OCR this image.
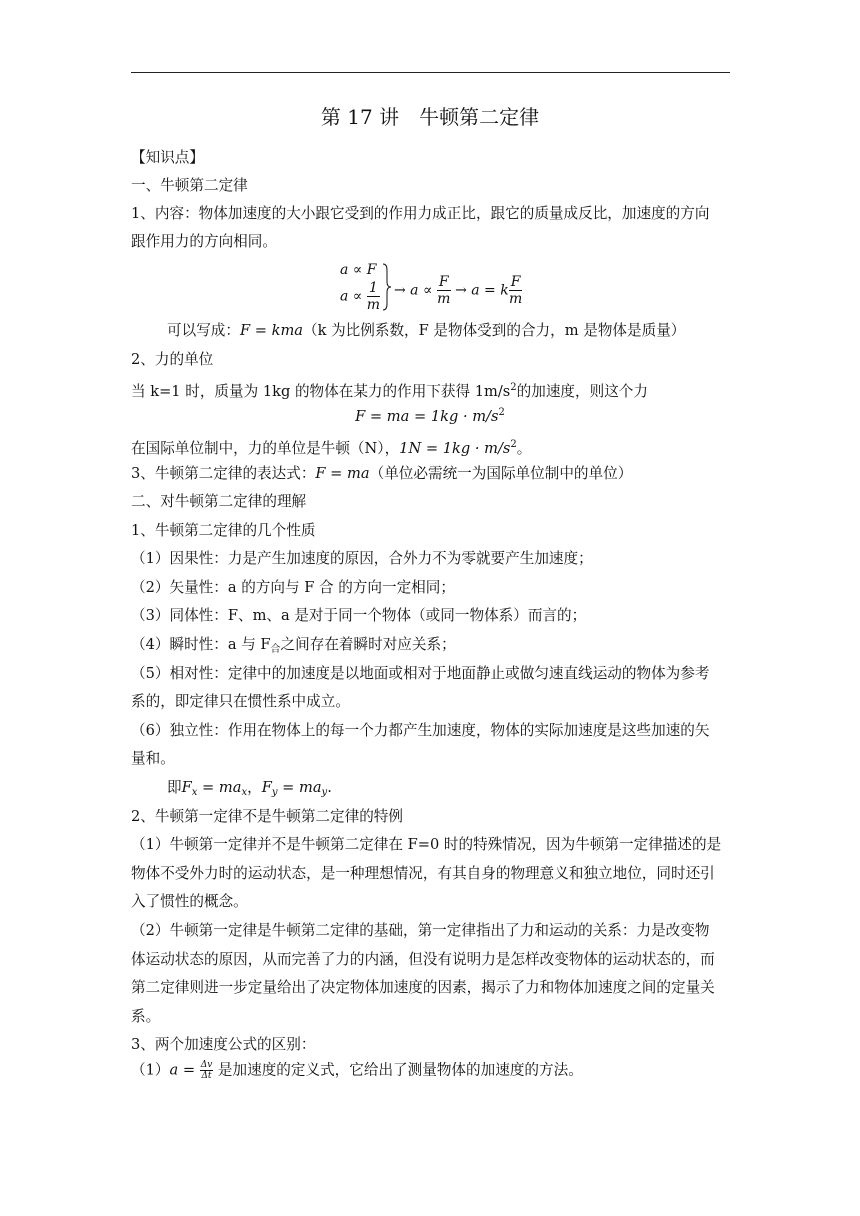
第 17 讲　牛顿第二定律
【知识点】
一、牛顿第二定律
1、内容：物体加速度的大小跟它受到的作用力成正比，跟它的质量成反比，加速度的方向
跟作用力的方向相同。
a ∝ F
$a \propto \frac{1}{m} \to a \propto \frac{F}{m} \to a = k \frac{F}{m}$
可以写成：F = kma（k 为比例系数，F 是物体受到的合力，m 是物体是质量）
2、力的单位
当 k=1 时，质量为 1kg 的物体在某力的作用下获得 $1m/s^2$的加速度，则这个力
F = ma = $1kg \cdot m/s^2$
在国际单位制中，力的单位是牛顿（N），$1N = 1kg \cdot m/s^2$。
3、牛顿第二定律的表达式：F = ma（单位必需统一为国际单位制中的单位）
二、对牛顿第二定律的理解
1、牛顿第二定律的几个性质
（1）因果性：力是产生加速度的原因，合外力不为零就要产生加速度；
（2）矢量性：a 的方向与 F 合 的方向一定相同；
（3）同体性：F、m、a 是对于同一个物体（或同一物体系）而言的；
（4）瞬时性：a 与 $F_合$之间存在着瞬时对应关系；
（5）相对性：定律中的加速度是以地面或相对于地面静止或做匀速直线运动的物体为参考
系的，即定律只在惯性系中成立。
（6）独立性：作用在物体上的每一个力都产生加速度，物体的实际加速度是这些加速的矢
量和。
即$F_x = ma_x$，$F_y = ma_y$.
2、牛顿第一定律不是牛顿第二定律的特例
（1）牛顿第一定律并不是牛顿第二定律在 F=0 时的特殊情况，因为牛顿第一定律描述的是
物体不受外力时的运动状态，是一种理想情况，有其自身的物理意义和独立地位，同时还引
入了惯性的概念。
（2）牛顿第一定律是牛顿第二定律的基础，第一定律指出了力和运动的关系：力是改变物
体运动状态的原因，从而完善了力的内涵，但没有说明力是怎样改变物体的运动状态的，而
第二定律则进一步定量给出了决定物体加速度的因素，揭示了力和物体加速度之间的定量关
系。
3、两个加速度公式的区别：
$(1)a = \frac{\Delta v}{\Delta t}$ 是加速度的定义式，它给出了测量物体的加速度的方法。
